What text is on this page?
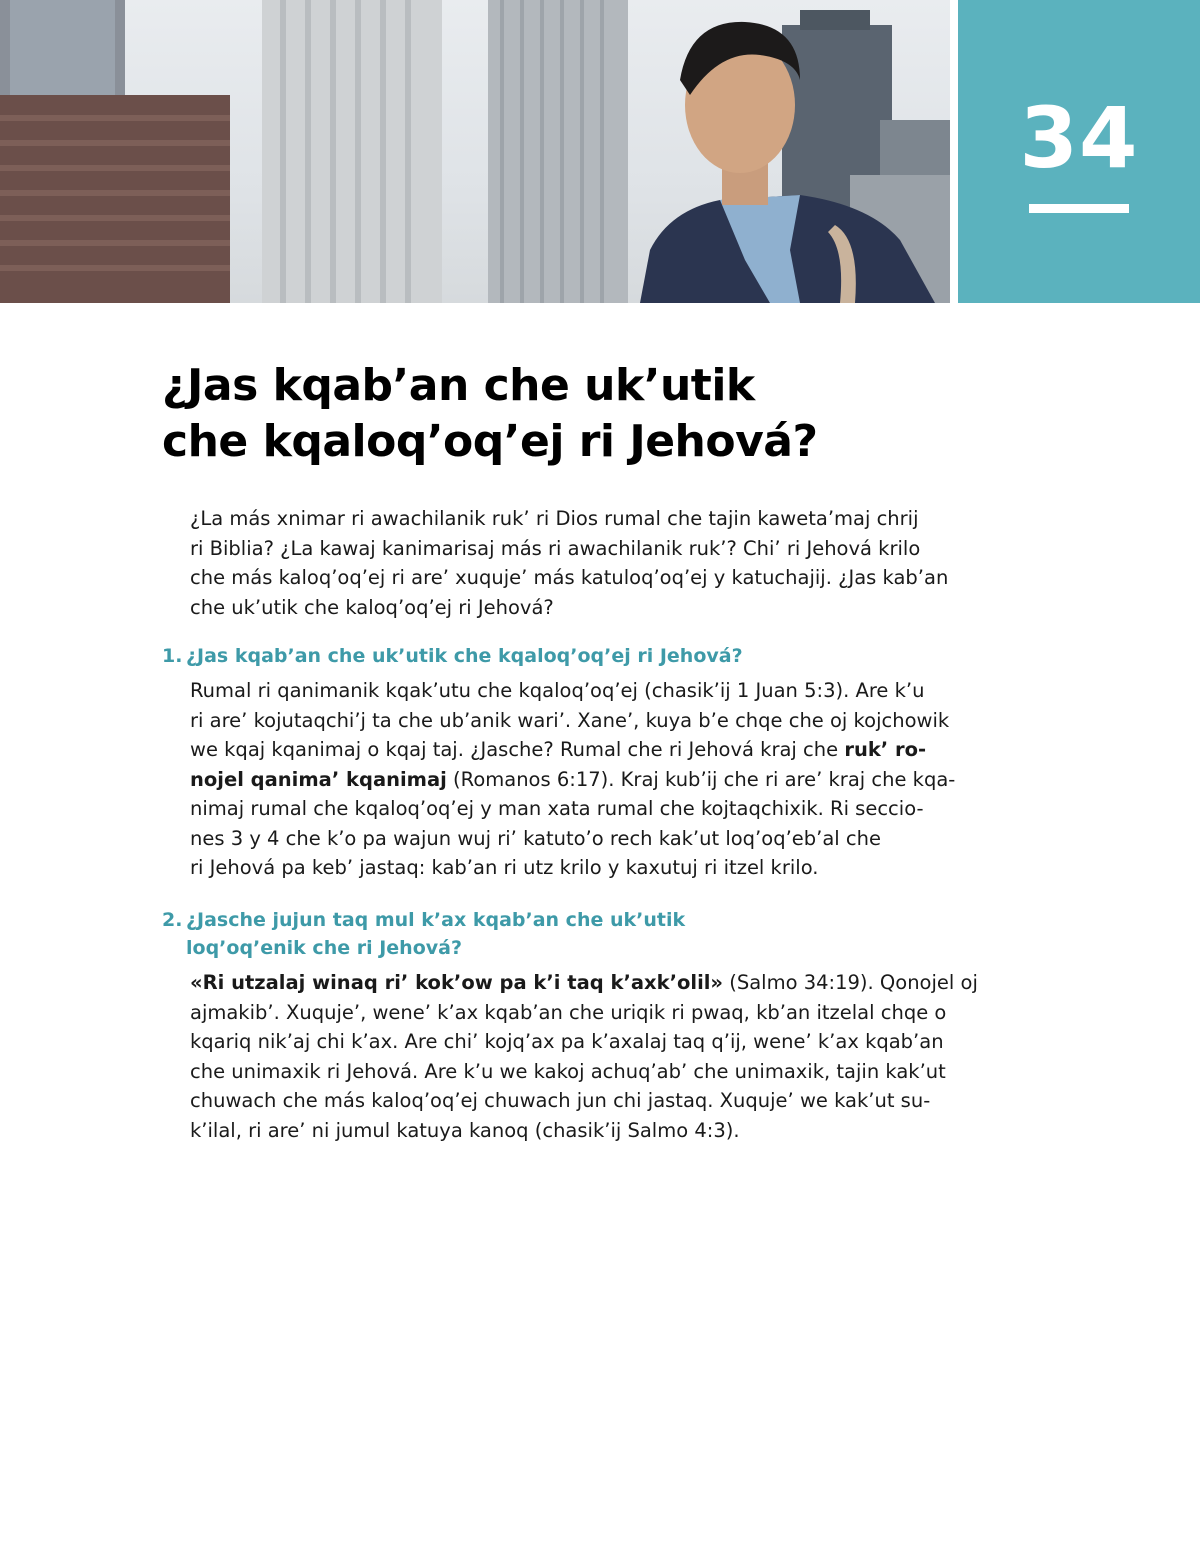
34
¿Jas kqab’an che uk’utik
che kqaloq’oq’ej ri Jehová?

¿La más xnimar ri awachilanik ruk’ ri Dios rumal che tajin kaweta’maj chrij
ri Biblia? ¿La kawaj kanimarisaj más ri awachilanik ruk’? Chi’ ri Jehová krilo
che más kaloq’oq’ej ri are’ xuquje’ más katuloq’oq’ej y katuchajij. ¿Jas kab’an
che uk’utik che kaloq’oq’ej ri Jehová?

1. ¿Jas kqab’an che uk’utik che kqaloq’oq’ej ri Jehová?

Rumal ri qanimanik kqak’utu che kqaloq’oq’ej (chasik’ij 1 Juan 5:3). Are k’u
ri are’ kojutaqchi’j ta che ub’anik wari’. Xane’, kuya b’e chqe che oj kojchowik
we kqaj kqanimaj o kqaj taj. ¿Jasche? Rumal che ri Jehová kraj che ruk’ ro-
nojel qanima’ kqanimaj (Romanos 6:17). Kraj kub’ij che ri are’ kraj che kqa-
nimaj rumal che kqaloq’oq’ej y man xata rumal che kojtaqchixik. Ri seccio-
nes 3 y 4 che k’o pa wajun wuj ri’ katuto’o rech kak’ut loq’oq’eb’al che
ri Jehová pa keb’ jastaq: kab’an ri utz krilo y kaxutuj ri itzel krilo.

2. ¿Jasche jujun taq mul k’ax kqab’an che uk’utik
loq’oq’enik che ri Jehová?

«Ri utzalaj winaq ri’ kok’ow pa k’i taq k’axk’olil» (Salmo 34:19). Qonojel oj
ajmakib’. Xuquje’, wene’ k’ax kqab’an che uriqik ri pwaq, kb’an itzelal chqe o
kqariq nik’aj chi k’ax. Are chi’ kojq’ax pa k’axalaj taq q’ij, wene’ k’ax kqab’an
che unimaxik ri Jehová. Are k’u we kakoj achuq’ab’ che unimaxik, tajin kak’ut
chuwach che más kaloq’oq’ej chuwach jun chi jastaq. Xuquje’ we kak’ut su-
k’ilal, ri are’ ni jumul katuya kanoq (chasik’ij Salmo 4:3).
